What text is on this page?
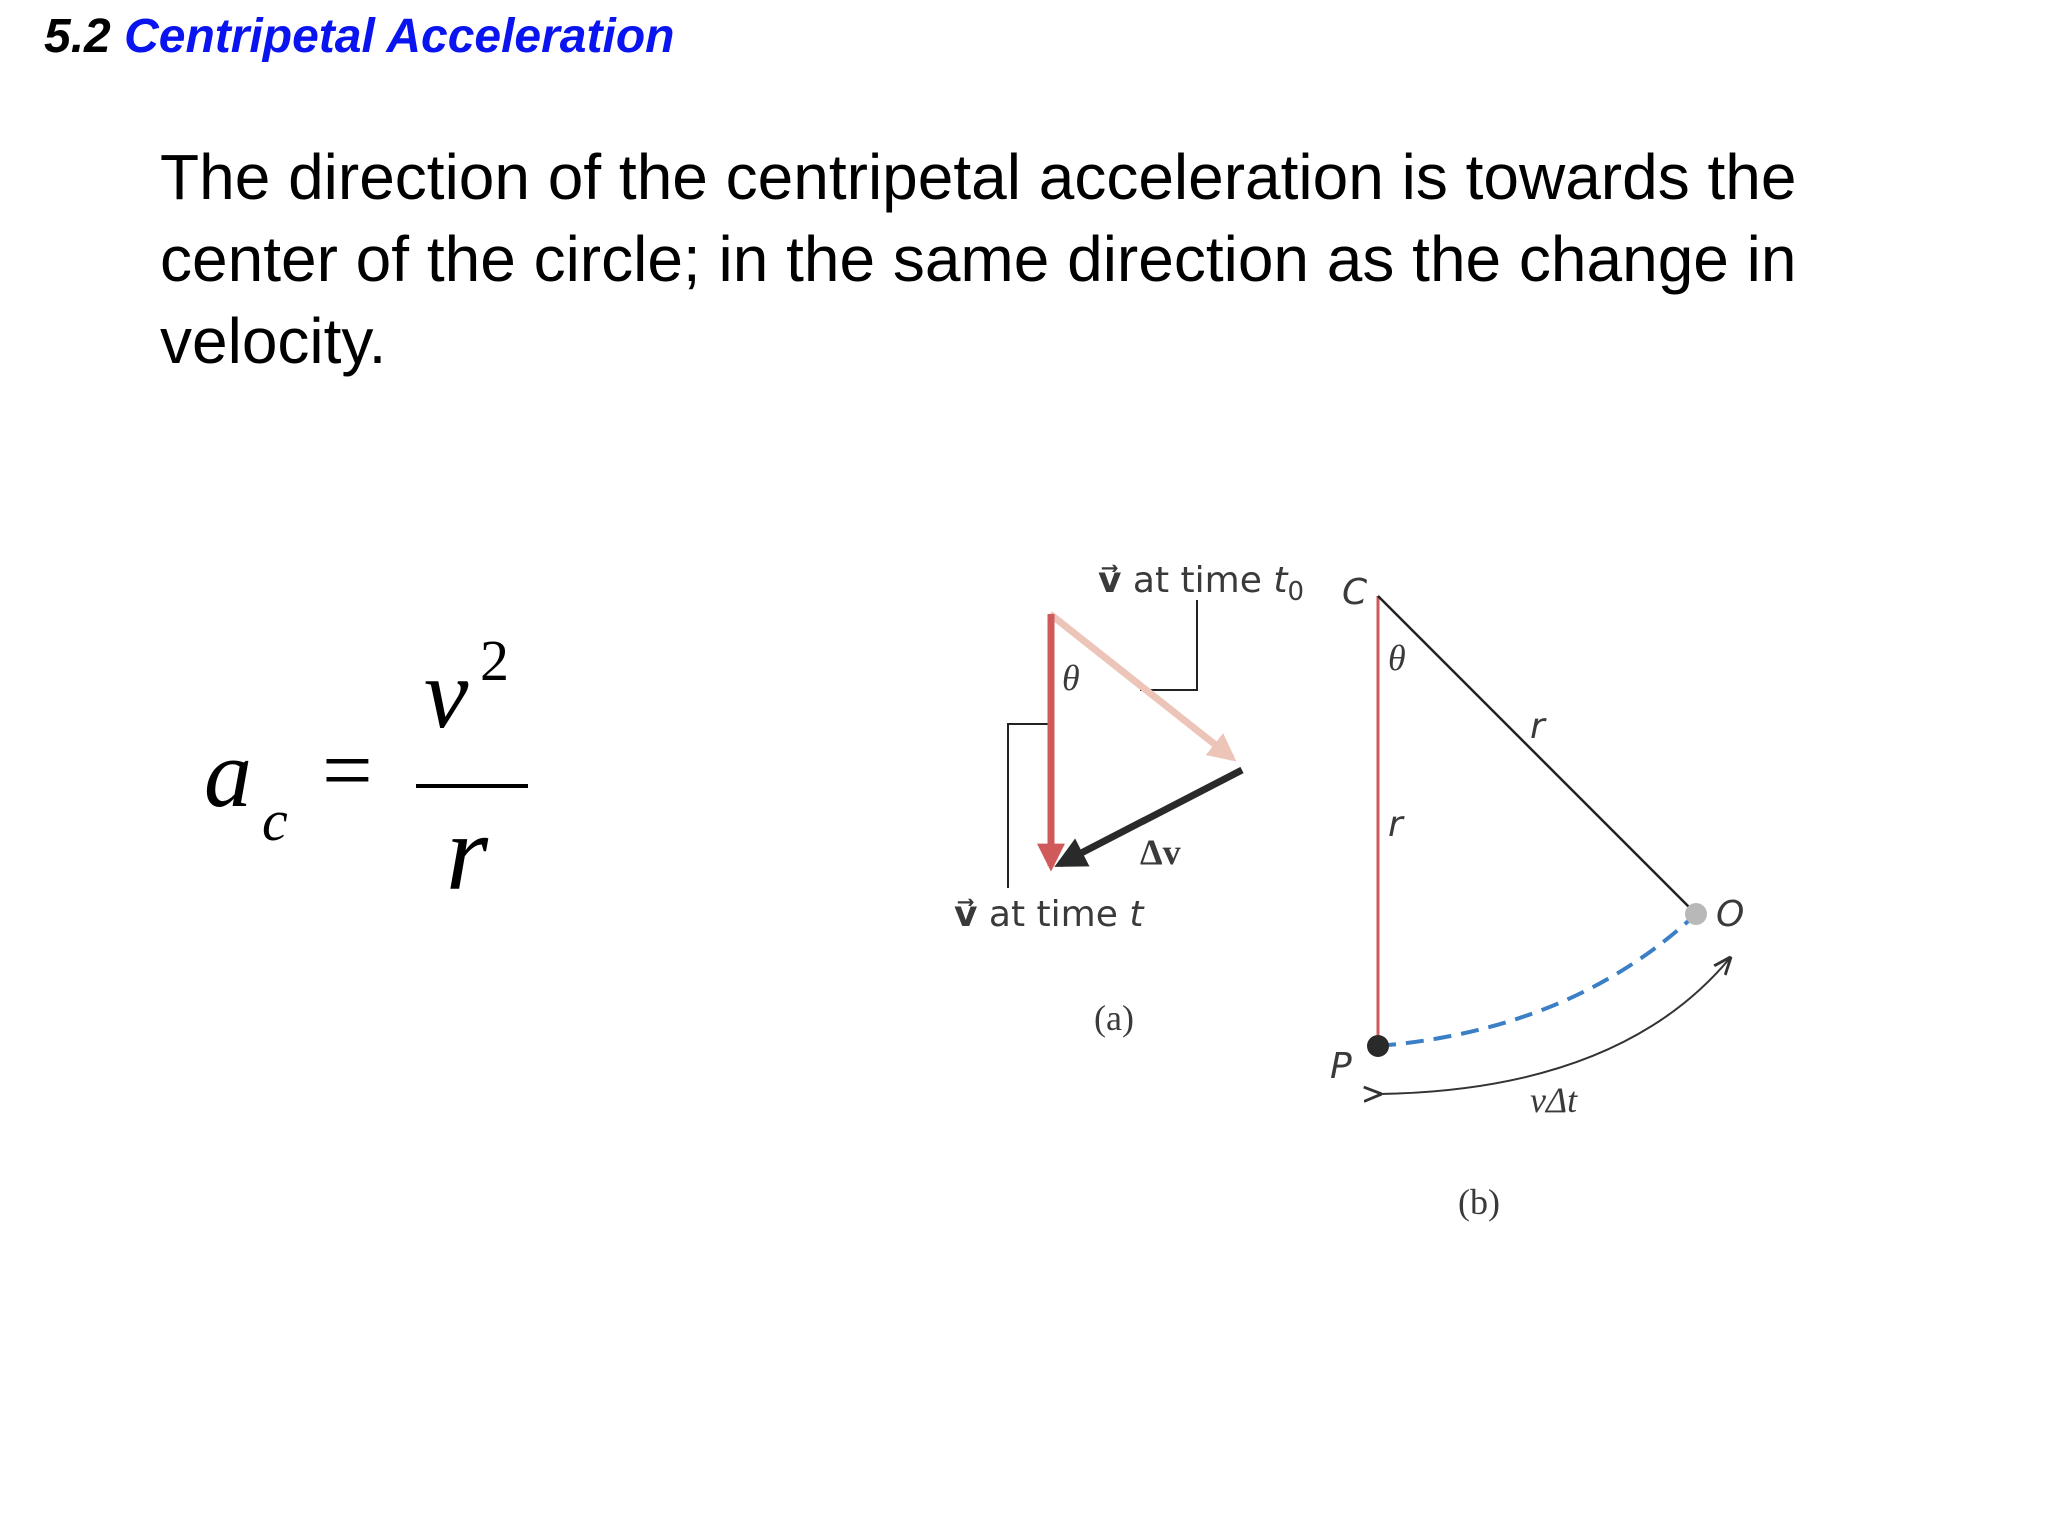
5.2 Centripetal Acceleration

The direction of the centripetal acceleration is towards the center of the circle; in the same direction as the change in velocity.

a c
=
v 2
r
v⃗ at time $t_0$
θ
Δv⃗
v⃗ at time t
(a)
C
θ
r
r
O
P
vΔt
(b)
